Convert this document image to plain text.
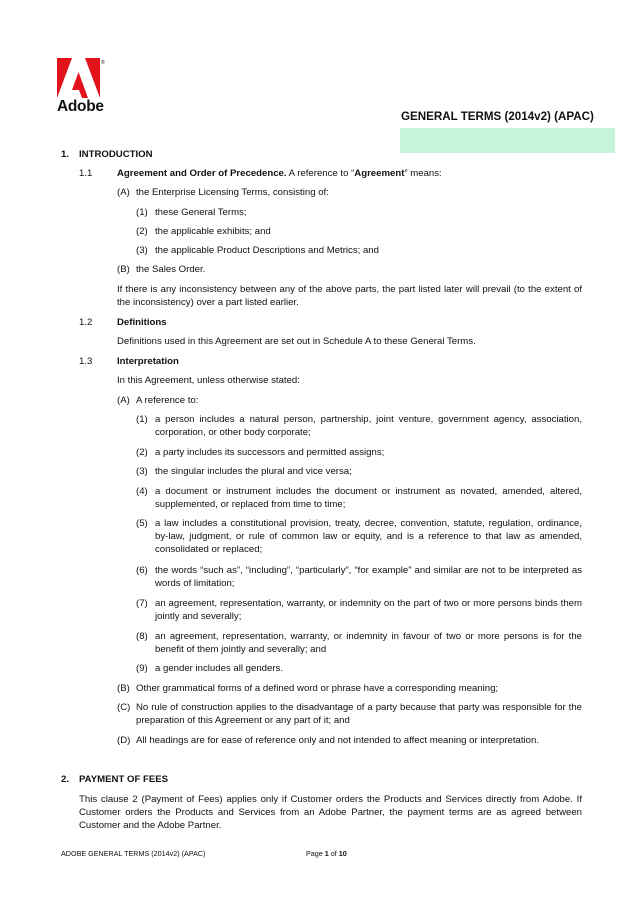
Adobe
®
GENERAL TERMS (2014v2) (APAC)
1. INTRODUCTION
1.1	Agreement and Order of Precedence. A reference to “Agreement” means:
(A) the Enterprise Licensing Terms, consisting of:
(1) these General Terms;
(2) the applicable exhibits; and
(3) the applicable Product Descriptions and Metrics; and
(B) the Sales Order.
If there is any inconsistency between any of the above parts, the part listed later will prevail (to the extent of the inconsistency) over a part listed earlier.
1.2	Definitions
Definitions used in this Agreement are set out in Schedule A to these General Terms.
1.3	Interpretation
In this Agreement, unless otherwise stated:
(A) A reference to:
(1) a person includes a natural person, partnership, joint venture, government agency, association, corporation, or other body corporate;
(2) a party includes its successors and permitted assigns;
(3) the singular includes the plural and vice versa;
(4) a document or instrument includes the document or instrument as novated, amended, altered, supplemented, or replaced from time to time;
(5) a law includes a constitutional provision, treaty, decree, convention, statute, regulation, ordinance, by-law, judgment, or rule of common law or equity, and is a reference to that law as amended, consolidated or replaced;
(6) the words “such as”, “including”, “particularly”, “for example” and similar are not to be interpreted as words of limitation;
(7) an agreement, representation, warranty, or indemnity on the part of two or more persons binds them jointly and severally;
(8) an agreement, representation, warranty, or indemnity in favour of two or more persons is for the benefit of them jointly and severally; and
(9) a gender includes all genders.
(B) Other grammatical forms of a defined word or phrase have a corresponding meaning;
(C) No rule of construction applies to the disadvantage of a party because that party was responsible for the preparation of this Agreement or any part of it; and
(D) All headings are for ease of reference only and not intended to affect meaning or interpretation.
2. PAYMENT OF FEES
This clause 2 (Payment of Fees) applies only if Customer orders the Products and Services directly from Adobe. If Customer orders the Products and Services from an Adobe Partner, the payment terms are as agreed between Customer and the Adobe Partner.
ADOBE GENERAL TERMS (2014v2) (APAC)	Page 1 of 10
